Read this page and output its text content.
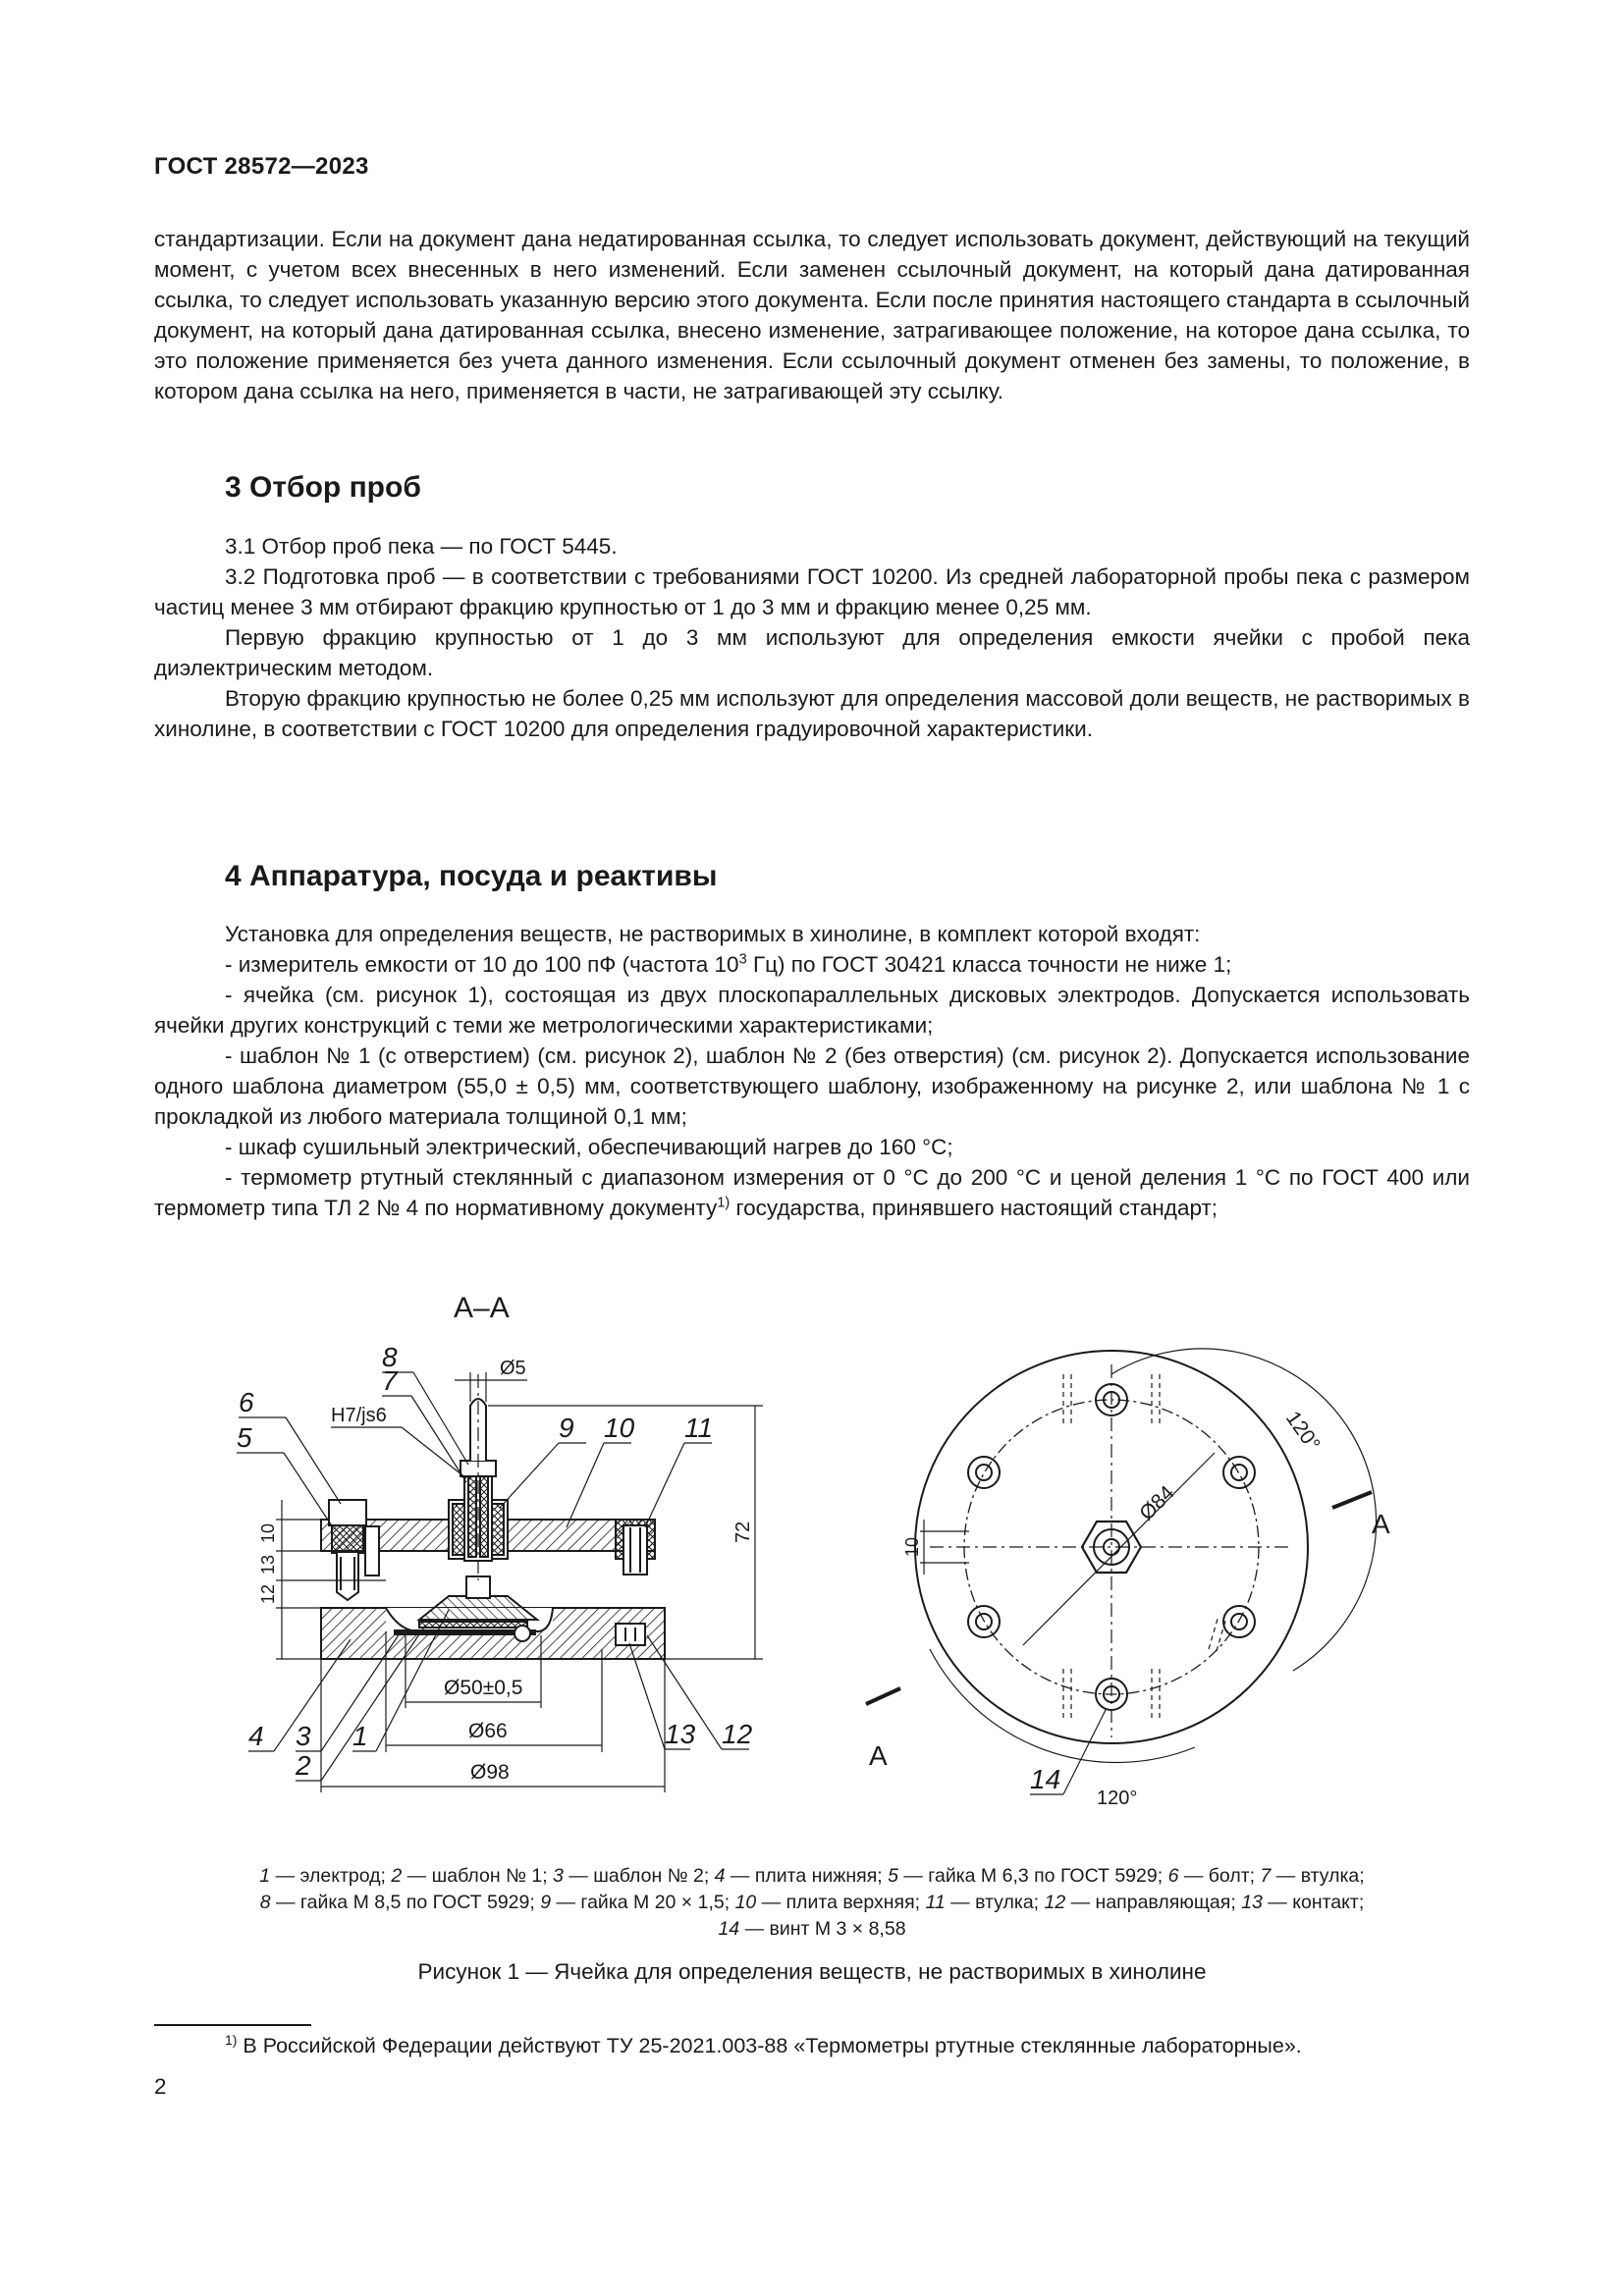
ГОСТ 28572—2023

стандартизации. Если на документ дана недатированная ссылка, то следует использовать документ, действующий на текущий момент, с учетом всех внесенных в него изменений. Если заменен ссылочный документ, на который дана датированная ссылка, то следует использовать указанную версию этого документа. Если после принятия настоящего стандарта в ссылочный документ, на который дана датированная ссылка, внесено изменение, затрагивающее положение, на которое дана ссылка, то это положение применяется без учета данного изменения. Если ссылочный документ отменен без замены, то положение, в котором дана ссылка на него, применяется в части, не затрагивающей эту ссылку.

3 Отбор проб

3.1 Отбор проб пека — по ГОСТ 5445.

3.2 Подготовка проб — в соответствии с требованиями ГОСТ 10200. Из средней лабораторной пробы пека с размером частиц менее 3 мм отбирают фракцию крупностью от 1 до 3 мм и фракцию менее 0,25 мм.

Первую фракцию крупностью от 1 до 3 мм используют для определения емкости ячейки с пробой пека диэлектрическим методом.

Вторую фракцию крупностью не более 0,25 мм используют для определения массовой доли веществ, не растворимых в хинолине, в соответствии с ГОСТ 10200 для определения градуировочной характеристики.

4 Аппаратура, посуда и реактивы

Установка для определения веществ, не растворимых в хинолине, в комплект которой входят:

- измеритель емкости от 10 до 100 пФ (частота $10^3$ Гц) по ГОСТ 30421 класса точности не ниже 1;

- ячейка (см. рисунок 1), состоящая из двух плоскопараллельных дисковых электродов. Допускается использовать ячейки других конструкций с теми же метрологическими характеристиками;

- шаблон № 1 (с отверстием) (см. рисунок 2), шаблон № 2 (без отверстия) (см. рисунок 2). Допускается использование одного шаблона диаметром (55,0 ± 0,5) мм, соответствующего шаблону, изображенному на рисунке 2, или шаблона № 1 с прокладкой из любого материала толщиной 0,1 мм;

- шкаф сушильный электрический, обеспечивающий нагрев до 160 °C;

- термометр ртутный стеклянный с диапазоном измерения от 0 °C до 200 °C и ценой деления 1 °C по ГОСТ 400 или термометр типа ТЛ 2 № 4 по нормативному документу$^{1)}$ государства, принявшего настоящий стандарт;

А–А
Ø5
72
10
13
12
Ø50±0,5
Ø66
Ø98
H7/js6
6
5
8
7
9 10 11
4 3
2
1	13 12
Ø84
10
120°
120°
А
А
14
1 — электрод; 2 — шаблон № 1; 3 — шаблон № 2; 4 — плита нижняя; 5 — гайка М 6,3 по ГОСТ 5929; 6 — болт; 7 — втулка;
8 — гайка М 8,5 по ГОСТ 5929; 9 — гайка М 20 × 1,5; 10 — плита верхняя; 11 — втулка; 12 — направляющая; 13 — контакт;
14 — винт М 3 × 8,58
Рисунок 1 — Ячейка для определения веществ, не растворимых в хинолине
$^{1)}$ В Российской Федерации действуют ТУ 25-2021.003-88 «Термометры ртутные стеклянные лабораторные».
2
